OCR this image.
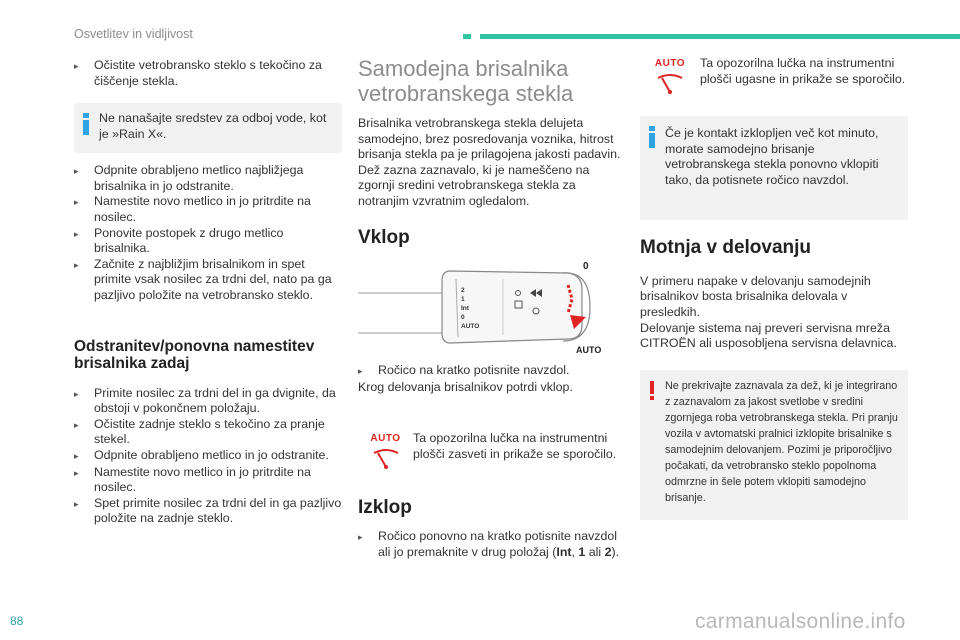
Osvetlitev in vidljivost
▸	Očistite vetrobransko steklo s tekočino za čiščenje stekla.
Ne nanašajte sredstev za odboj vode, kot je »Rain X«.
▸	Odpnite obrabljeno metlico najbližjega brisalnika in jo odstranite.
▸	Namestite novo metlico in jo pritrdite na nosilec.
▸	Ponovite postopek z drugo metlico brisalnika.
▸	Začnite z najbližjim brisalnikom in spet primite vsak nosilec za trdni del, nato pa ga pazljivo položite na vetrobransko steklo.
Odstranitev/ponovna namestitev brisalnika zadaj
▸	Primite nosilec za trdni del in ga dvignite, da obstoji v pokončnem položaju.
▸	Očistite zadnje steklo s tekočino za pranje stekel.
▸	Odpnite obrabljeno metlico in jo odstranite.
▸	Namestite novo metlico in jo pritrdite na nosilec.
▸	Spet primite nosilec za trdni del in ga pazljivo položite na zadnje steklo.
Samodejna brisalnika
vetrobranskega stekla

Brisalnika vetrobranskega stekla delujeta samodejno, brez posredovanja voznika, hitrost brisanja stekla pa je prilagojena jakosti padavin.

Dež zazna zaznavalo, ki je nameščeno na zgornji sredini vetrobranskega stekla za notranjim vzvratnim ogledalom.

Vklop
2
1
Int
0
AUTO
0
AUTO
▸	Ročico na kratko potisnite navzdol.

Krog delovanja brisalnikov potrdi vklop.

AUTO	Ta opozorilna lučka na instrumentni plošči zasveti in prikaže se sporočilo.

Izklop
▸	Ročico ponovno na kratko potisnite navzdol ali jo premaknite v drug položaj (Int, 1 ali 2).
AUTO	Ta opozorilna lučka na instrumentni plošči ugasne in prikaže se sporočilo.

Če je kontakt izklopljen več kot minuto, morate samodejno brisanje vetrobranskega stekla ponovno vklopiti tako, da potisnete ročico navzdol.
Motnja v delovanju

V primeru napake v delovanju samodejnih brisalnikov bosta brisalnika delovala v presledkih.

Delovanje sistema naj preveri servisna mreža CITROËN ali usposobljena servisna delavnica.

Ne prekrivajte zaznavala za dež, ki je integrirano z zaznavalom za jakost svetlobe v sredini zgornjega roba vetrobranskega stekla. Pri pranju vozila v avtomatski pralnici izklopite brisalnike s samodejnim delovanjem. Pozimi je priporočljivo počakati, da vetrobransko steklo popolnoma odmrzne in šele potem vklopiti samodejno brisanje.
88	carmanualsonline.info
